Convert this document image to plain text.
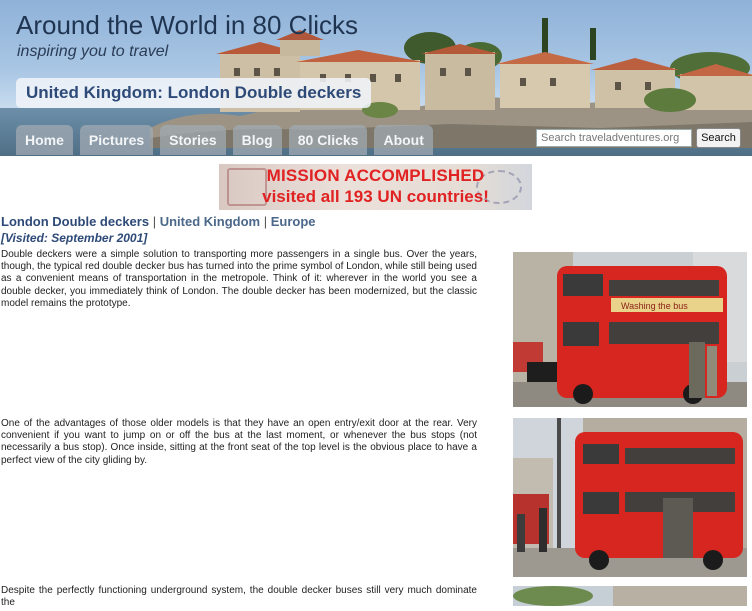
Around the World in 80 Clicks
inspiring you to travel
United Kingdom: London Double deckers
Home	Pictures	Stories	Blog	80 Clicks	About	Search traveladventures.org	Search
MISSION ACCOMPLISHED
visited all 193 UN countries!
London Double deckers | United Kingdom | Europe
[Visited: September 2001]

Double deckers were a simple solution to transporting more passengers in a single bus. Over the years, though, the typical red double decker bus has turned into the prime symbol of London, while still being used as a convenient means of transportation in the metropole. Think of it: wherever in the world you see a double decker, you immediately think of London. The double decker has been modernized, but the classic model remains the prototype.

One of the advantages of those older models is that they have an open entry/exit door at the rear. Very convenient if you want to jump on or off the bus at the last moment, or whenever the bus stops (not necessarily a bus stop). Once inside, sitting at the front seat of the top level is the obvious place to have a perfect view of the city gliding by.

Despite the perfectly functioning underground system, the double decker buses still very much dominate the

Washing the bus
